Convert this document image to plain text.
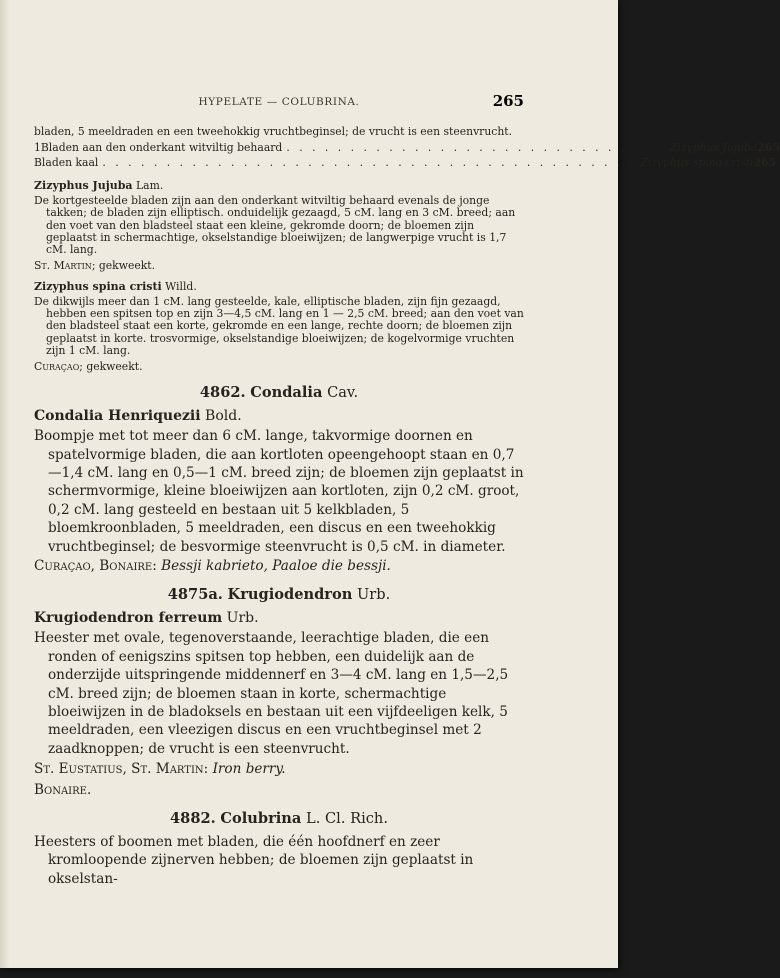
HYPELATE — COLUBRINA.	265
bladen, 5 meeldraden en een tweehokkig vruchtbeginsel; de vrucht is een steenvrucht.
1 Bladen aan den onderkant witviltig behaard . . . . . . . . . . . . . . . . . . . . . . . . . . . . . . Zizyphus Jujuba 265
Bladen kaal . . . . . . . . . . . . . . . . . . . . . . . . . . . . . . . . . . . . . . . . . . Zizyphus spina cristi 265
Zizyphus Jujuba Lam.
De kortgesteelde bladen zijn aan den onderkant witviltig behaard evenals de jonge takken; de bladen zijn elliptisch. onduidelijk gezaagd, 5 cM. lang en 3 cM. breed; aan den voet van den bladsteel staat een kleine, gekromde doorn; de bloemen zijn geplaatst in schermachtige, okselstandige bloeiwijzen; de langwerpige vrucht is 1,7 cM. lang.
St. Martin; gekweekt.
Zizyphus spina cristi Willd.
De dikwijls meer dan 1 cM. lang gesteelde, kale, elliptische bladen, zijn fijn gezaagd, hebben een spitsen top en zijn 3—4,5 cM. lang en 1 — 2,5 cM. breed; aan den voet van den bladsteel staat een korte, gekromde en een lange, rechte doorn; de bloemen zijn geplaatst in korte. trosvormige, okselstandige bloeiwijzen; de kogelvormige vruchten zijn 1 cM. lang.
Curaçao; gekweekt.
4862. Condalia Cav.
Condalia Henriquezii Bold.
Boompje met tot meer dan 6 cM. lange, takvormige doornen en spatelvormige bladen, die aan kortloten opeengehoopt staan en 0,7—1,4 cM. lang en 0,5—1 cM. breed zijn; de bloemen zijn geplaatst in schermvormige, kleine bloeiwijzen aan kortloten, zijn 0,2 cM. groot, 0,2 cM. lang gesteeld en bestaan uit 5 kelkbladen, 5 bloemkroonbladen, 5 meeldraden, een discus en een tweehokkig vruchtbeginsel; de besvormige steenvrucht is 0,5 cM. in diameter.
Curaçao, Bonaire: Bessji kabrieto, Paaloe die bessji.
4875a. Krugiodendron Urb.
Krugiodendron ferreum Urb.
Heester met ovale, tegenoverstaande, leerachtige bladen, die een ronden of eenigszins spitsen top hebben, een duidelijk aan de onderzijde uitspringende middennerf en 3—4 cM. lang en 1,5—2,5 cM. breed zijn; de bloemen staan in korte, schermachtige bloeiwijzen in de bladoksels en bestaan uit een vijfdeeligen kelk, 5 meeldraden, een vleezigen discus en een vruchtbeginsel met 2 zaadknoppen; de vrucht is een steenvrucht.
St. Eustatius, St. Martin: Iron berry.
Bonaire.
4882. Colubrina L. Cl. Rich.
Heesters of boomen met bladen, die één hoofdnerf en zeer kromloopende zijnerven hebben; de bloemen zijn geplaatst in okselstan-
